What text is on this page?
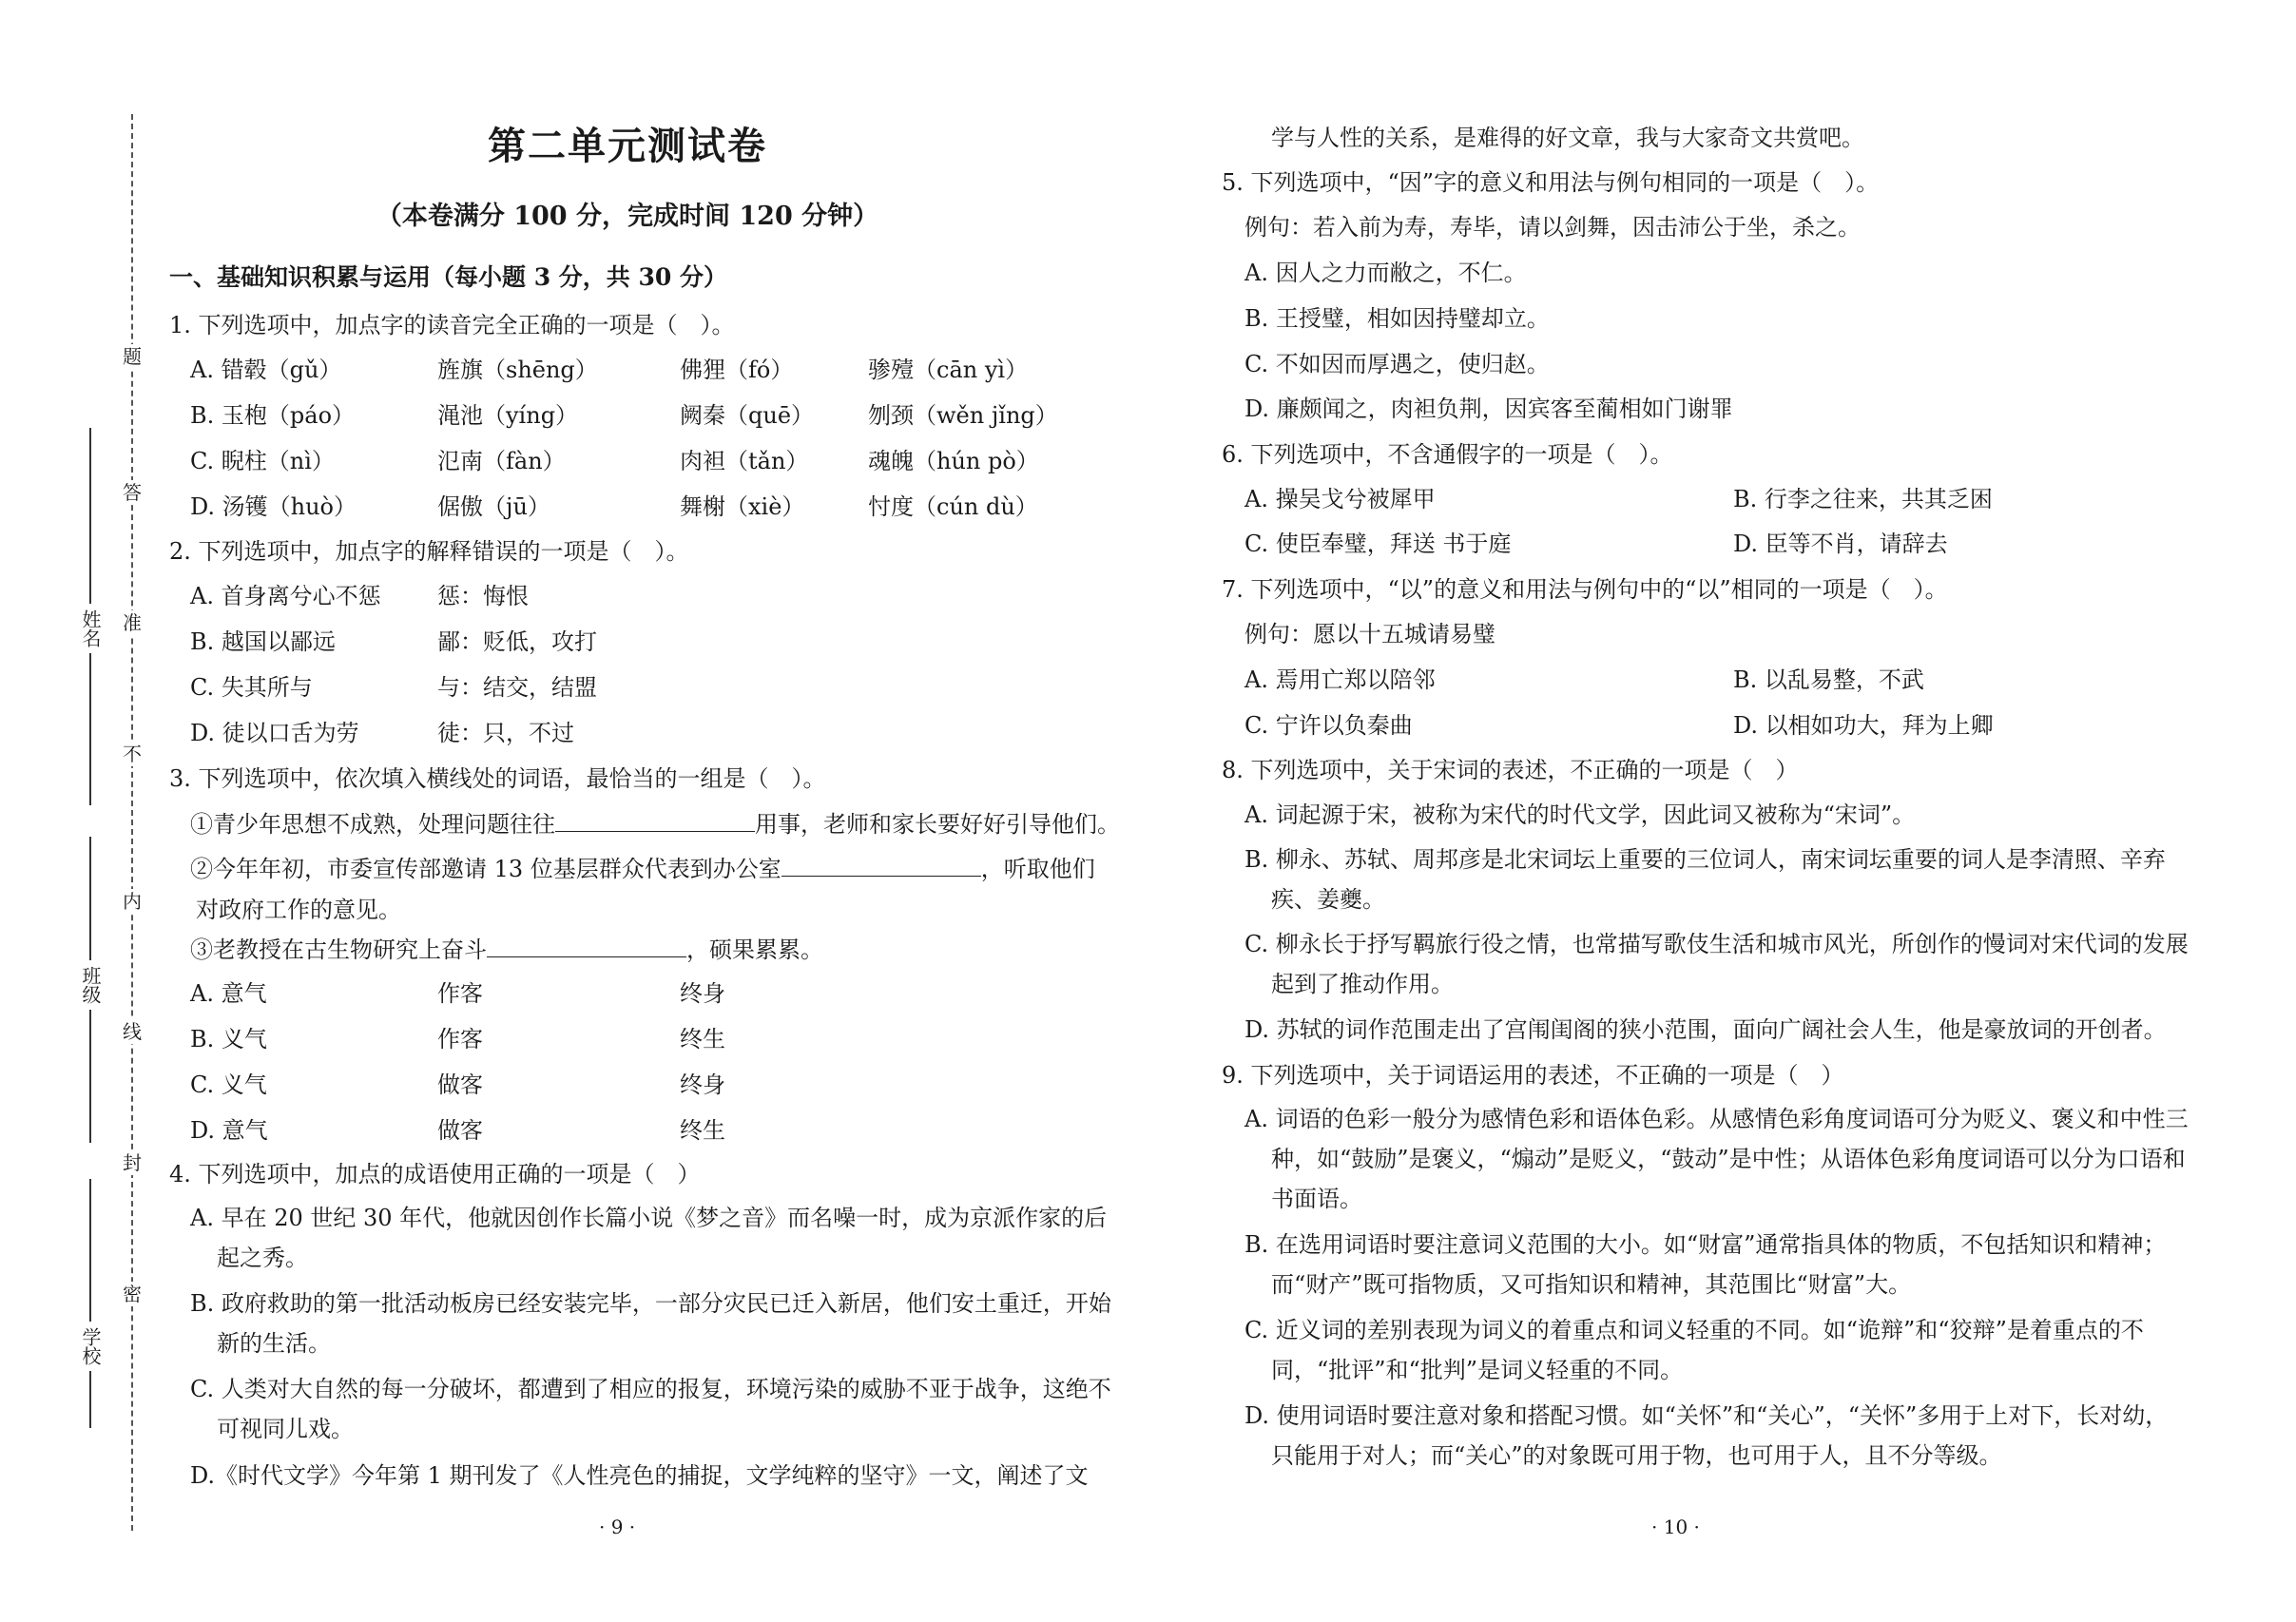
题
答
准
不
内
线
封
密
姓名
班级
学校
第二单元测试卷
（本卷满分 100 分，完成时间 120 分钟）
一、基础知识积累与运用（每小题 3 分，共 30 分）
1. 下列选项中，加点字的读音完全正确的一项是（　）。
A. 错毂（gǔ）	旌旗（shēng）	佛狸（fó）	骖殪（cān yì）
B. 玉枹（páo）	渑池（yíng）	阙秦（quē） 刎颈（wěn jǐng）
C. 睨柱（nì）	氾南（fàn）	肉袒（tǎn）	魂魄（hún pò）
D. 汤镬（huò）	倨傲（jū）	舞榭（xiè）	忖度（cún dù）
2. 下列选项中，加点字的解释错误的一项是（　）。
A. 首身离兮心不惩 惩：悔恨
B. 越国以鄙远	鄙：贬低，攻打
C. 失其所与	与：结交，结盟
D. 徒以口舌为劳	徒：只，不过
3. 下列选项中，依次填入横线处的词语，最恰当的一组是（　）。
①青少年思想不成熟，处理问题往往	用事，老师和家长要好好引导他们。
②今年年初，市委宣传部邀请 13 位基层群众代表到办公室	，听取他们
对政府工作的意见。
③老教授在古生物研究上奋斗	，硕果累累。
A. 意气	作客	终身
B. 义气	作客	终生
C. 义气	做客	终身
D. 意气	做客	终生
4. 下列选项中，加点的成语使用正确的一项是（　）
A. 早在 20 世纪 30 年代，他就因创作长篇小说《梦之音》而名噪一时，成为京派作家的后起之秀。
B. 政府救助的第一批活动板房已经安装完毕，一部分灾民已迁入新居，他们安土重迁，开始新的生活。
C. 人类对大自然的每一分破坏，都遭到了相应的报复，环境污染的威胁不亚于战争，这绝不可视同儿戏。
D.《时代文学》今年第 1 期刊发了《人性亮色的捕捉，文学纯粹的坚守》一文，阐述了文
· 9 ·
学与人性的关系，是难得的好文章，我与大家奇文共赏吧。
5. 下列选项中，“因”字的意义和用法与例句相同的一项是（　）。
例句：若入前为寿，寿毕，请以剑舞，因击沛公于坐，杀之。
A. 因人之力而敝之，不仁。
B. 王授璧，相如因持璧却立。
C. 不如因而厚遇之，使归赵。
D. 廉颇闻之，肉袒负荆，因宾客至蔺相如门谢罪
6. 下列选项中，不含通假字的一项是（　）。
A. 操吴戈兮被犀甲	B. 行李之往来，共其乏困
C. 使臣奉璧，拜送 书于庭	D. 臣等不肖，请辞去
7. 下列选项中，“以”的意义和用法与例句中的“以”相同的一项是（　）。
例句：愿以十五城请易璧
A. 焉用亡郑以陪邻	B. 以乱易整，不武
C. 宁许以负秦曲	D. 以相如功大，拜为上卿
8. 下列选项中，关于宋词的表述，不正确的一项是（　）
A. 词起源于宋，被称为宋代的时代文学，因此词又被称为“宋词”。
B. 柳永、苏轼、周邦彦是北宋词坛上重要的三位词人，南宋词坛重要的词人是李清照、辛弃疾、姜夔。
C. 柳永长于抒写羁旅行役之情，也常描写歌伎生活和城市风光，所创作的慢词对宋代词的发展起到了推动作用。
D. 苏轼的词作范围走出了宫闱闺阁的狭小范围，面向广阔社会人生，他是豪放词的开创者。
9. 下列选项中，关于词语运用的表述，不正确的一项是（　）
A. 词语的色彩一般分为感情色彩和语体色彩。从感情色彩角度词语可分为贬义、褒义和中性三种，如“鼓励”是褒义，“煽动”是贬义，“鼓动”是中性；从语体色彩角度词语可以分为口语和书面语。
B. 在选用词语时要注意词义范围的大小。如“财富”通常指具体的物质，不包括知识和精神；而“财产”既可指物质，又可指知识和精神，其范围比“财富”大。
C. 近义词的差别表现为词义的着重点和词义轻重的不同。如“诡辩”和“狡辩”是着重点的不同，“批评”和“批判”是词义轻重的不同。
D. 使用词语时要注意对象和搭配习惯。如“关怀”和“关心”，“关怀”多用于上对下，长对幼，只能用于对人；而“关心”的对象既可用于物，也可用于人，且不分等级。
· 10 ·
